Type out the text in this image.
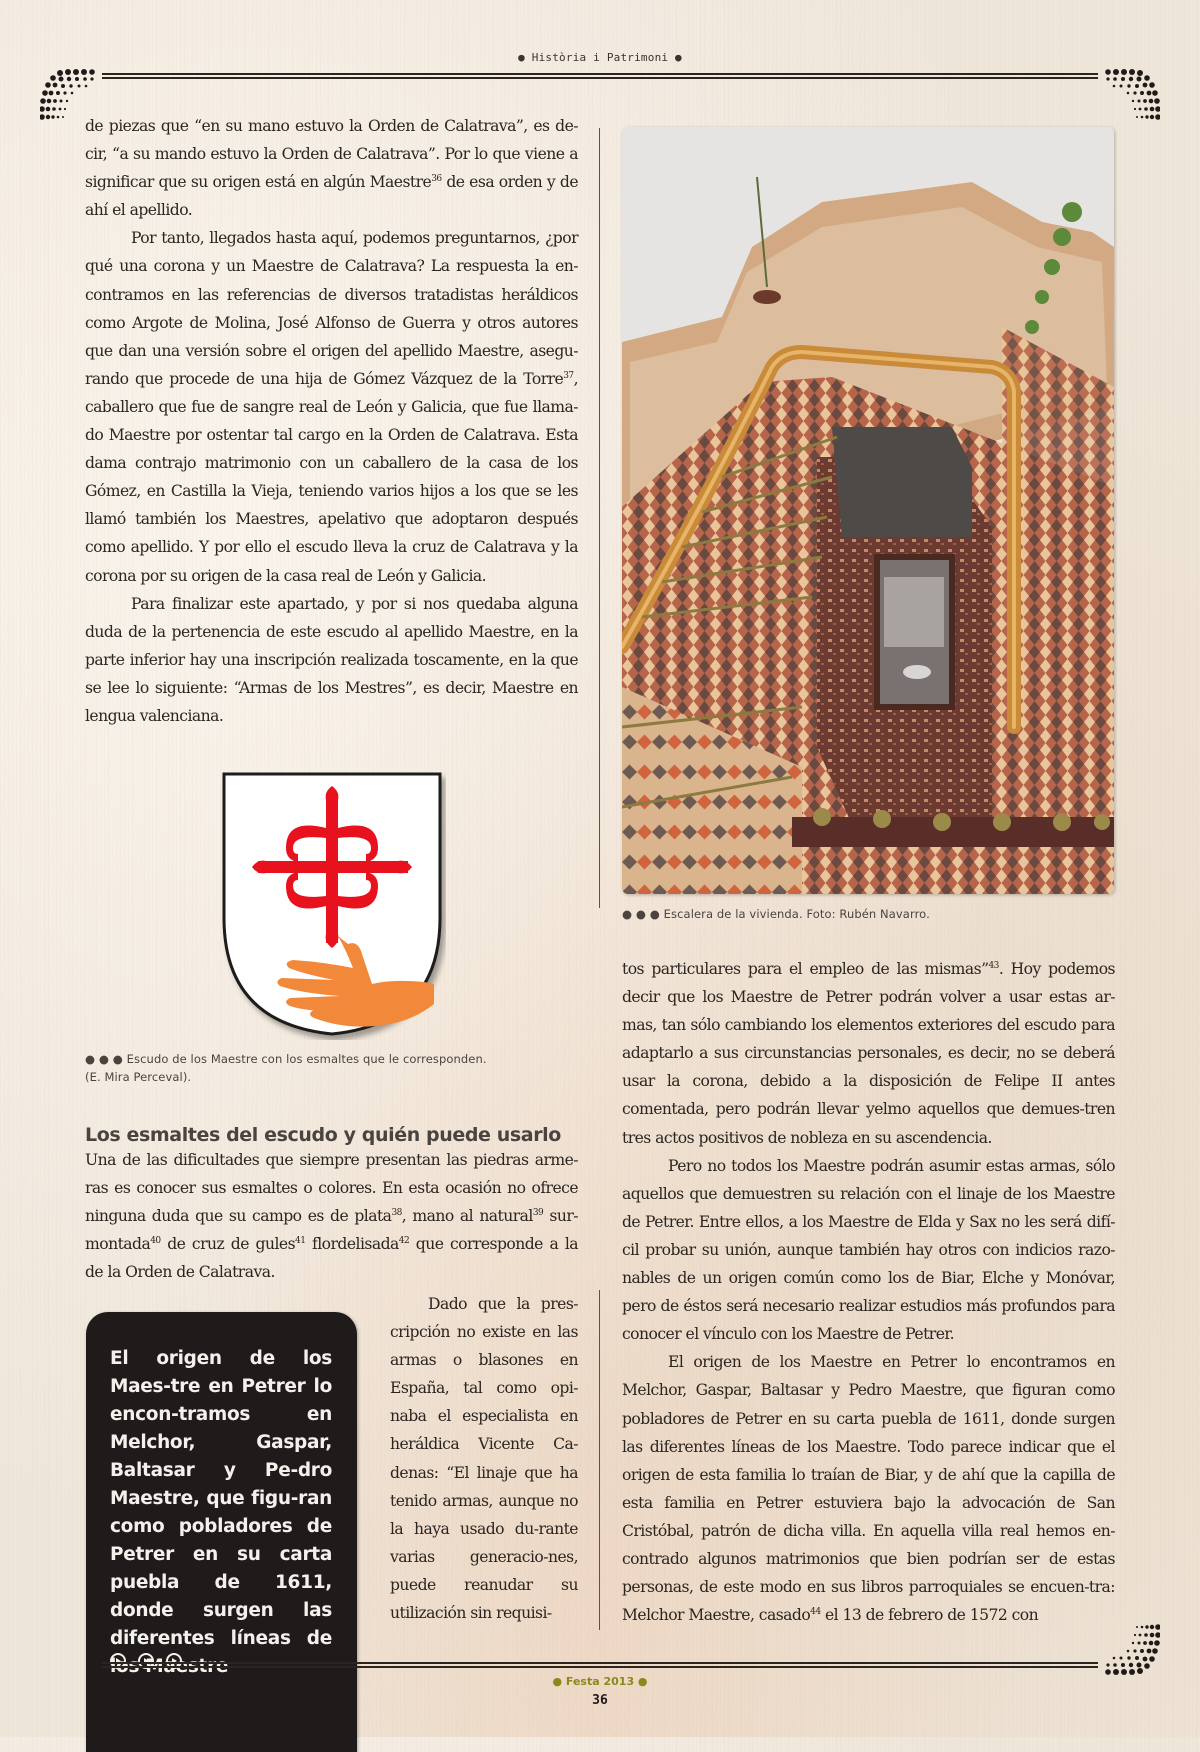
● Història i Patrimoni ●

de piezas que “en su mano estuvo la Orden de Calatrava”, es de-cir, “a su mando estuvo la Orden de Calatrava”. Por lo que viene a significar que su origen está en algún Maestre$^{36}$ de esa orden y de ahí el apellido.

Por tanto, llegados hasta aquí, podemos preguntarnos, ¿por qué una corona y un Maestre de Calatrava? La respuesta la en-contramos en las referencias de diversos tratadistas heráldicos como Argote de Molina, José Alfonso de Guerra y otros autores que dan una versión sobre el origen del apellido Maestre, asegu-rando que procede de una hija de Gómez Vázquez de la Torre$^{37}$, caballero que fue de sangre real de León y Galicia, que fue llama-do Maestre por ostentar tal cargo en la Orden de Calatrava. Esta dama contrajo matrimonio con un caballero de la casa de los Gómez, en Castilla la Vieja, teniendo varios hijos a los que se les llamó también los Maestres, apelativo que adoptaron después como apellido. Y por ello el escudo lleva la cruz de Calatrava y la corona por su origen de la casa real de León y Galicia.

Para finalizar este apartado, y por si nos quedaba alguna duda de la pertenencia de este escudo al apellido Maestre, en la parte inferior hay una inscripción realizada toscamente, en la que se lee lo siguiente: “Armas de los Mestres”, es decir, Maestre en lengua valenciana.

● ● ● Escalera de la vivienda. Foto: Rubén Navarro.
● ● ● Escudo de los Maestre con los esmaltes que le corresponden.
(E. Mira Perceval).
Los esmaltes del escudo y quién puede usarlo

Una de las dificultades que siempre presentan las piedras arme-ras es conocer sus esmaltes o colores. En esta ocasión no ofrece ninguna duda que su campo es de plata$^{38}$, mano al natural$^{39}$ sur-montada$^{40}$ de cruz de gules$^{41}$ flordelisada$^{42}$ que corresponde a la de la Orden de Calatrava.

El origen de los Maes-tre en Petrer lo encon-tramos en Melchor, Gaspar, Baltasar y Pe-dro Maestre, que figu-ran como pobladores de Petrer en su carta puebla de 1611, donde surgen las diferentes líneas de los Maestre

Dado que la pres-cripción no existe en las armas o blasones en España, tal como opi-naba el especialista en heráldica Vicente Ca-denas: “El linaje que ha tenido armas, aunque no la haya usado du-rante varias generacio-nes, puede reanudar su utilización sin requisi-

tos particulares para el empleo de las mismas”$^{43}$. Hoy podemos decir que los Maestre de Petrer podrán volver a usar estas ar-mas, tan sólo cambiando los elementos exteriores del escudo para adaptarlo a sus circunstancias personales, es decir, no se deberá usar la corona, debido a la disposición de Felipe II antes comentada, pero podrán llevar yelmo aquellos que demues-tren tres actos positivos de nobleza en su ascendencia.

Pero no todos los Maestre podrán asumir estas armas, sólo aquellos que demuestren su relación con el linaje de los Maestre de Petrer. Entre ellos, a los Maestre de Elda y Sax no les será difí-cil probar su unión, aunque también hay otros con indicios razo-nables de un origen común como los de Biar, Elche y Monóvar, pero de éstos será necesario realizar estudios más profundos para conocer el vínculo con los Maestre de Petrer.

El origen de los Maestre en Petrer lo encontramos en Melchor, Gaspar, Baltasar y Pedro Maestre, que figuran como pobladores de Petrer en su carta puebla de 1611, donde surgen las diferentes líneas de los Maestre. Todo parece indicar que el origen de esta familia lo traían de Biar, y de ahí que la capilla de esta familia en Petrer estuviera bajo la advocación de San Cristóbal, patrón de dicha villa. En aquella villa real hemos en-contrado algunos matrimonios que bien podrían ser de estas personas, de este modo en sus libros parroquiales se encuen-tra: Melchor Maestre, casado$^{44}$ el 13 de febrero de 1572 con

● Festa 2013 ●
36
